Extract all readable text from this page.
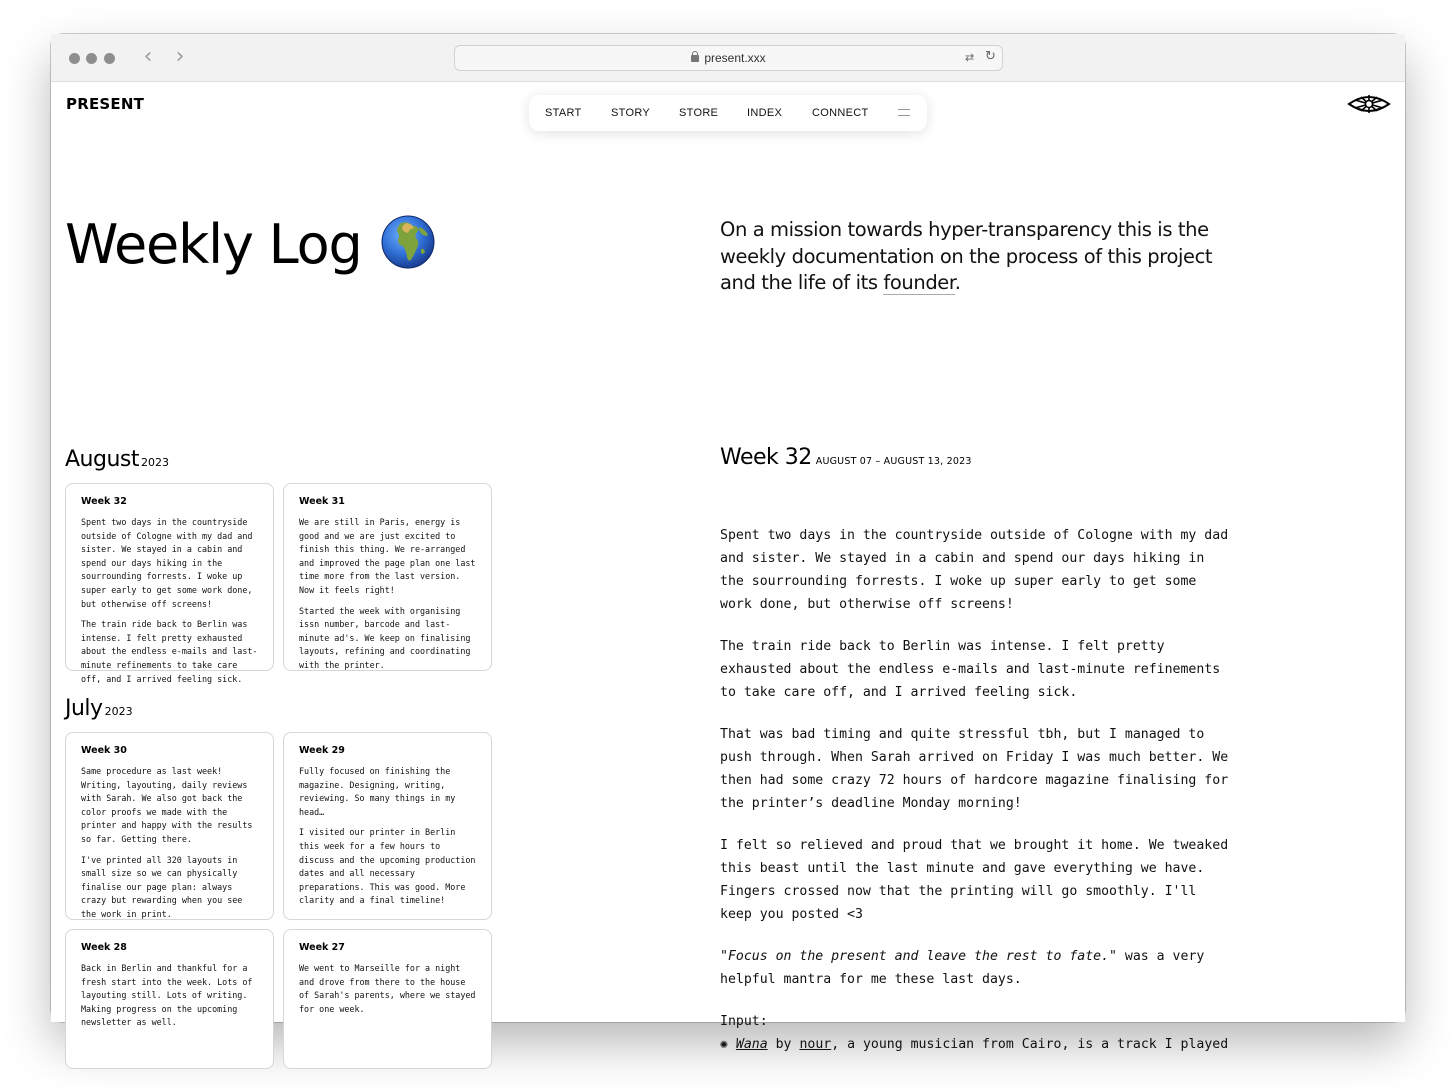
‹ ›	present.xxx	⇄ ↻
PRESENT	START	STORY	STORE	INDEX	CONNECT
Weekly Log	On a mission towards hyper-transparency this is the weekly documentation on the process of this project and the life of its founder.

August 2023
Week 32

Spent two days in the countryside outside of Cologne with my dad and sister. We stayed in a cabin and spend our days hiking in the sourrounding forrests. I woke up super early to get some work done, but otherwise off screens!

The train ride back to Berlin was intense. I felt pretty exhausted about the endless e-mails and last-minute refinements to take care off, and I arrived feeling sick.

Week 31

We are still in Paris, energy is good and we are just excited to finish this thing. We re-arranged and improved the page plan one last time more from the last version. Now it feels right!

Started the week with organising issn number, barcode and last-minute ad's. We keep on finalising layouts, refining and coordinating with the printer.

July 2023
Week 30

Same procedure as last week! Writing, layouting, daily reviews with Sarah. We also got back the color proofs we made with the printer and happy with the results so far. Getting there.

I've printed all 320 layouts in small size so we can physically finalise our page plan: always crazy but rewarding when you see the work in print.

Week 29

Fully focused on finishing the magazine. Designing, writing, reviewing. So many things in my head…

I visited our printer in Berlin this week for a few hours to discuss and the upcoming production dates and all necessary preparations. This was good. More clarity and a final timeline!

Week 28

Back in Berlin and thankful for a fresh start into the week. Lots of layouting still. Lots of writing. Making progress on the upcoming newsletter as well.

Week 27

We went to Marseille for a night and drove from there to the house of Sarah's parents, where we stayed for one week.

Week 32 AUGUST 07 – AUGUST 13, 2023

Spent two days in the countryside outside of Cologne with my dad and sister. We stayed in a cabin and spend our days hiking in the sourrounding forrests. I woke up super early to get some work done, but otherwise off screens!

The train ride back to Berlin was intense. I felt pretty exhausted about the endless e-mails and last-minute refinements to take care off, and I arrived feeling sick.

That was bad timing and quite stressful tbh, but I managed to push through. When Sarah arrived on Friday I was much better. We then had some crazy 72 hours of hardcore magazine finalising for the printer’s deadline Monday morning!

I felt so relieved and proud that we brought it home. We tweaked this beast until the last minute and gave everything we have. Fingers crossed now that the printing will go smoothly. I'll keep you posted <3

"Focus on the present and leave the rest to fate." was a very helpful mantra for me these last days.

Input:

✺ Wana by nour, a young musician from Cairo, is a track I played
